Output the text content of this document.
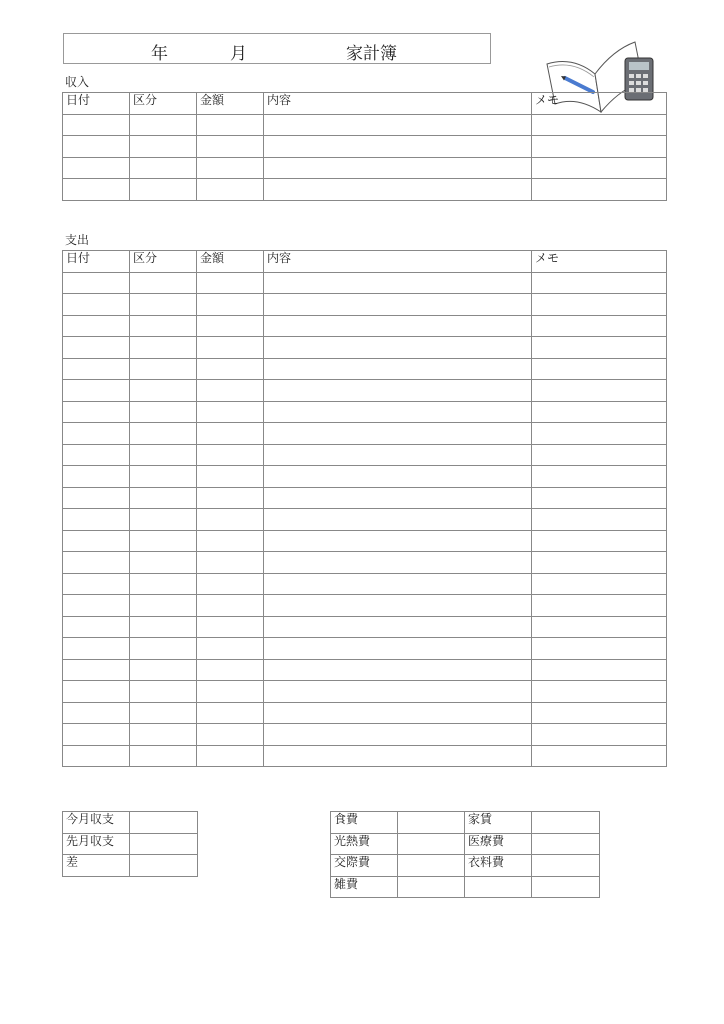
年	月	家計簿
収入
日付	区分	金額	内容	メモ

支出
日付	区分	金額	内容	メモ

今月収支	
先月収支	
差	
食費		家賃	
光熱費		医療費	
交際費		衣料費	
雑費			
